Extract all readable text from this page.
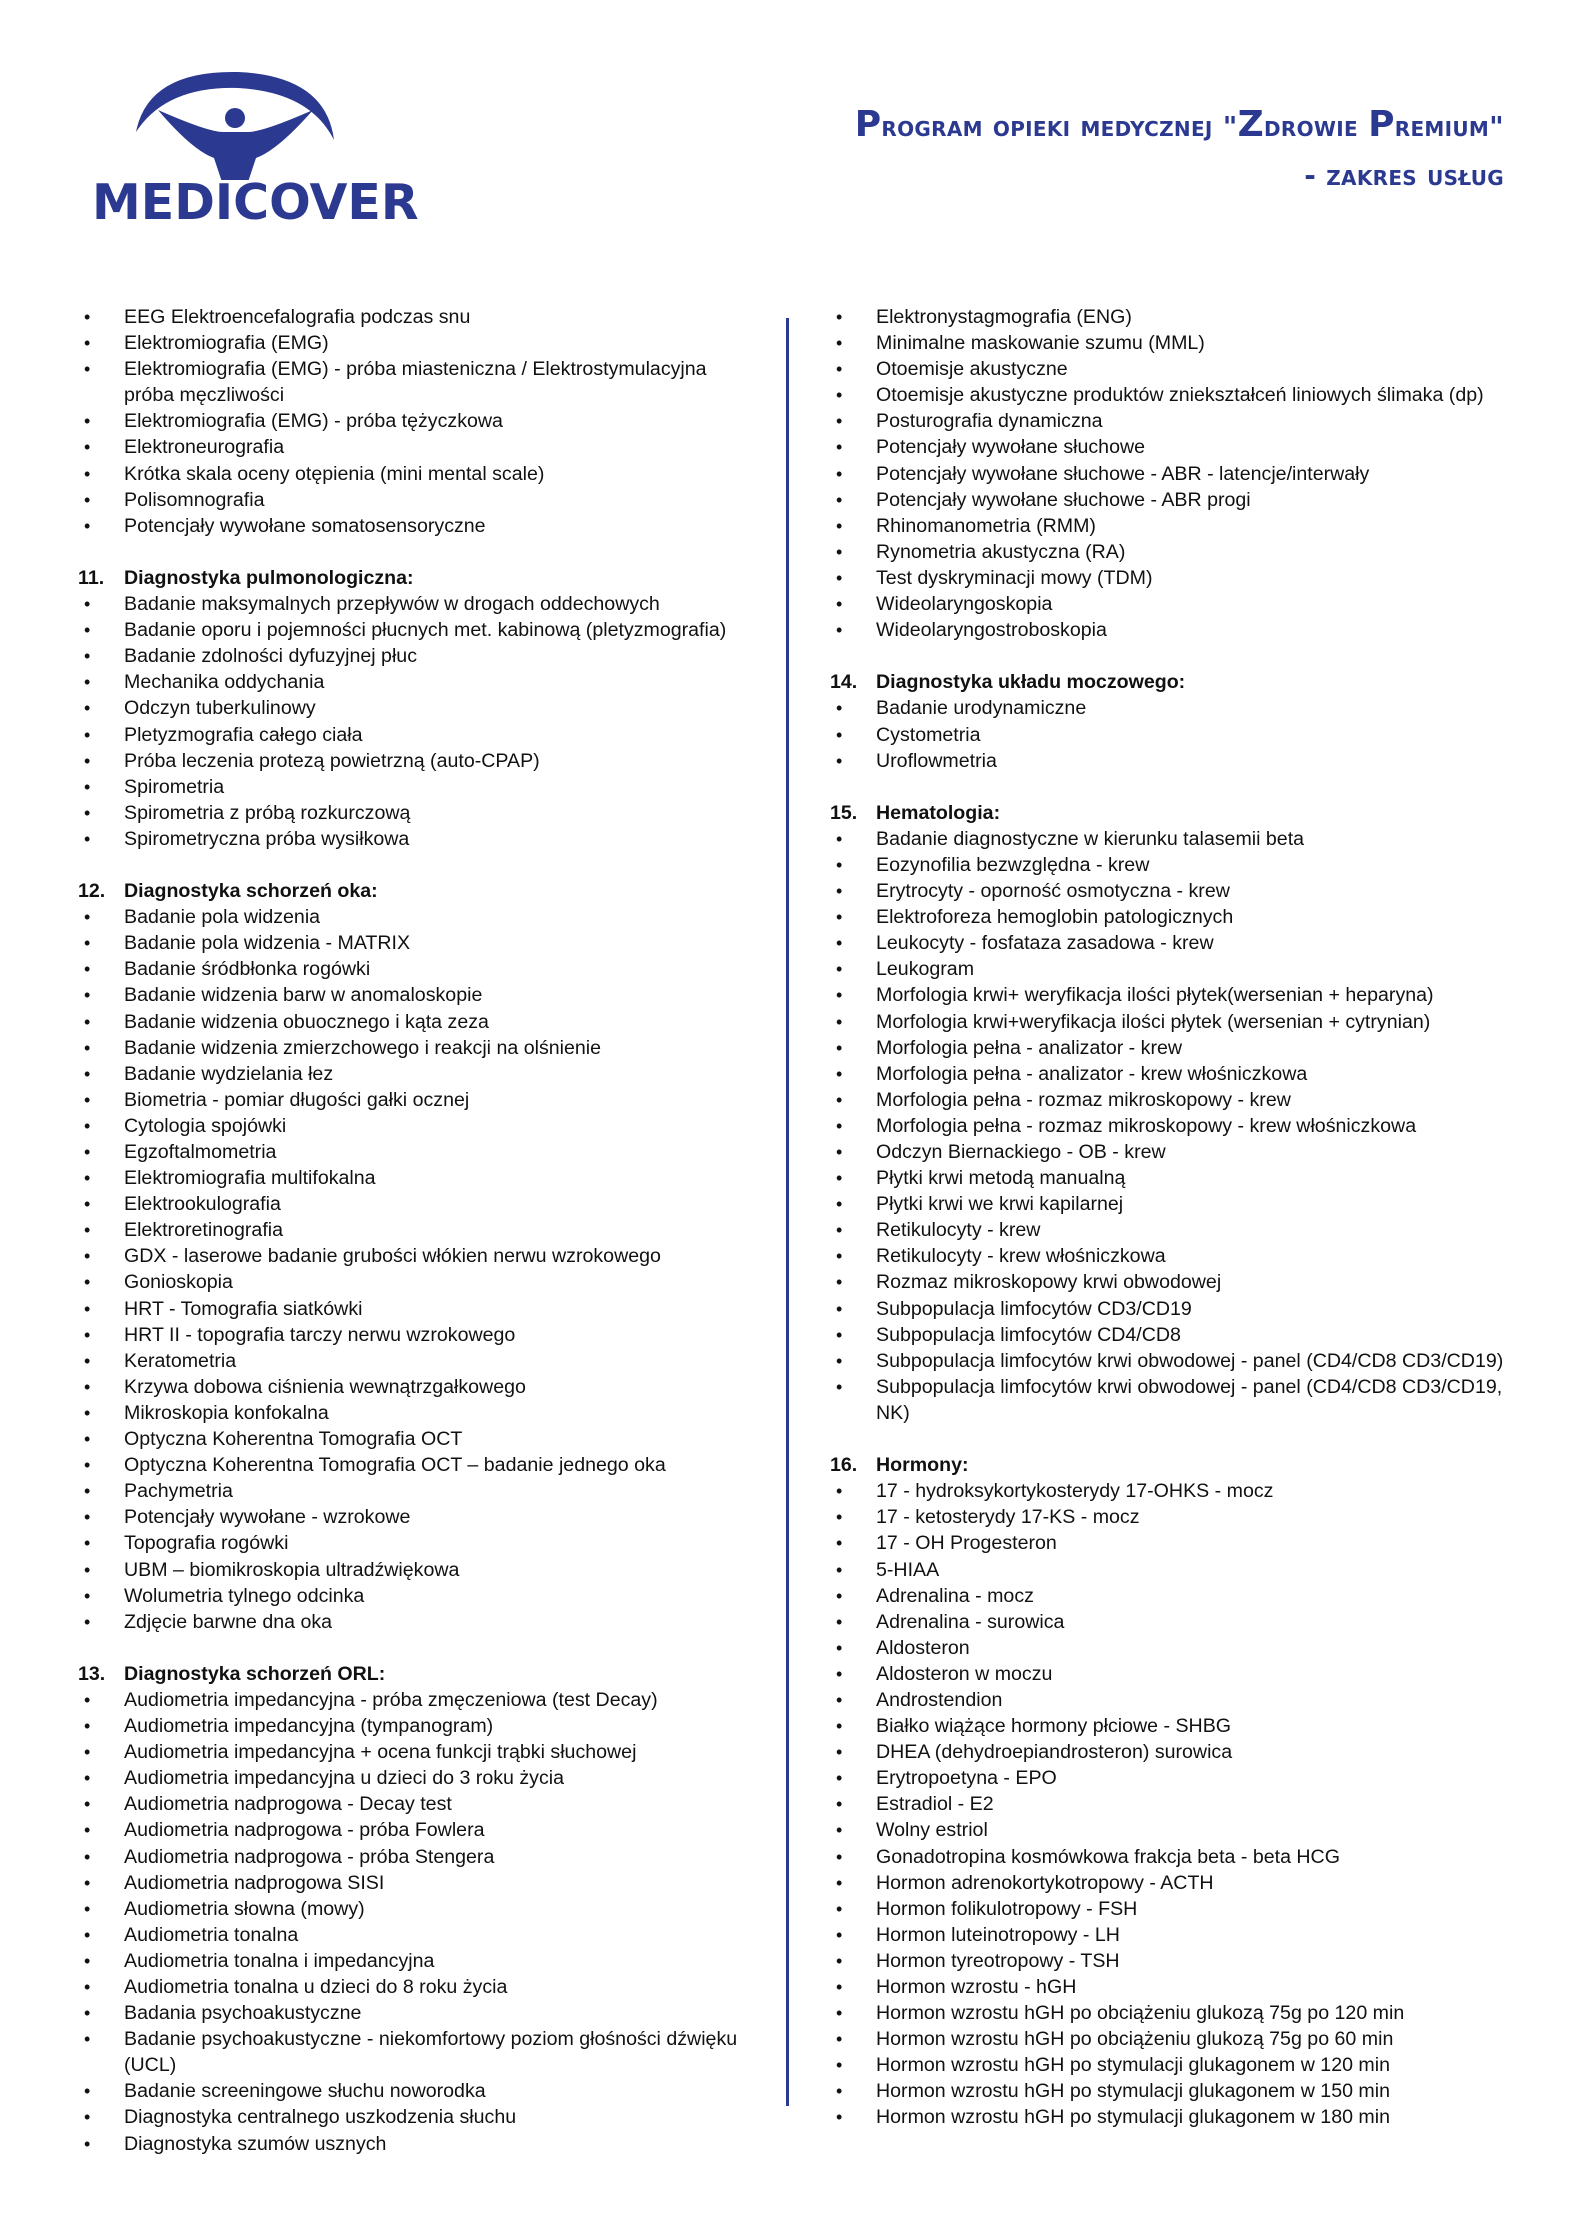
MEDICOVER
Program opieki medycznej "Zdrowie Premium"
- zakres usług
• EEG Elektroencefalografia podczas snu
• Elektromiografia (EMG)
• Elektromiografia (EMG) - próba miasteniczna / Elektrostymulacyjna próba męczliwości
• Elektromiografia (EMG) - próba tężyczkowa
• Elektroneurografia
• Krótka skala oceny otępienia (mini mental scale)
• Polisomnografia
• Potencjały wywołane somatosensoryczne
11. Diagnostyka pulmonologiczna:
• Badanie maksymalnych przepływów w drogach oddechowych
• Badanie oporu i pojemności płucnych met. kabinową (pletyzmografia)
• Badanie zdolności dyfuzyjnej płuc
• Mechanika oddychania
• Odczyn tuberkulinowy
• Pletyzmografia całego ciała
• Próba leczenia protezą powietrzną (auto-CPAP)
• Spirometria
• Spirometria z próbą rozkurczową
• Spirometryczna próba wysiłkowa
12. Diagnostyka schorzeń oka:
• Badanie pola widzenia
• Badanie pola widzenia - MATRIX
• Badanie śródbłonka rogówki
• Badanie widzenia barw w anomaloskopie
• Badanie widzenia obuocznego i kąta zeza
• Badanie widzenia zmierzchowego i reakcji na olśnienie
• Badanie wydzielania łez
• Biometria - pomiar długości gałki ocznej
• Cytologia spojówki
• Egzoftalmometria
• Elektromiografia multifokalna
• Elektrookulografia
• Elektroretinografia
• GDX - laserowe badanie grubości włókien nerwu wzrokowego
• Gonioskopia
• HRT - Tomografia siatkówki
• HRT II - topografia tarczy nerwu wzrokowego
• Keratometria
• Krzywa dobowa ciśnienia wewnątrzgałkowego
• Mikroskopia konfokalna
• Optyczna Koherentna Tomografia OCT
• Optyczna Koherentna Tomografia OCT – badanie jednego oka
• Pachymetria
• Potencjały wywołane - wzrokowe
• Topografia rogówki
• UBM – biomikroskopia ultradźwiękowa
• Wolumetria tylnego odcinka
• Zdjęcie barwne dna oka
13. Diagnostyka schorzeń ORL:
• Audiometria impedancyjna - próba zmęczeniowa (test Decay)
• Audiometria impedancyjna (tympanogram)
• Audiometria impedancyjna + ocena funkcji trąbki słuchowej
• Audiometria impedancyjna u dzieci do 3 roku życia
• Audiometria nadprogowa - Decay test
• Audiometria nadprogowa - próba Fowlera
• Audiometria nadprogowa - próba Stengera
• Audiometria nadprogowa SISI
• Audiometria słowna (mowy)
• Audiometria tonalna
• Audiometria tonalna i impedancyjna
• Audiometria tonalna u dzieci do 8 roku życia
• Badania psychoakustyczne
• Badanie psychoakustyczne - niekomfortowy poziom głośności dźwięku (UCL)
• Badanie screeningowe słuchu noworodka
• Diagnostyka centralnego uszkodzenia słuchu
• Diagnostyka szumów usznych
• Elektronystagmografia (ENG)
• Minimalne maskowanie szumu (MML)
• Otoemisje akustyczne
• Otoemisje akustyczne produktów zniekształceń liniowych ślimaka (dp)
• Posturografia dynamiczna
• Potencjały wywołane słuchowe
• Potencjały wywołane słuchowe - ABR - latencje/interwały
• Potencjały wywołane słuchowe - ABR progi
• Rhinomanometria (RMM)
• Rynometria akustyczna (RA)
• Test dyskryminacji mowy (TDM)
• Wideolaryngoskopia
• Wideolaryngostroboskopia
14. Diagnostyka układu moczowego:
• Badanie urodynamiczne
• Cystometria
• Uroflowmetria
15. Hematologia:
• Badanie diagnostyczne w kierunku talasemii beta
• Eozynofilia bezwzględna - krew
• Erytrocyty - oporność osmotyczna - krew
• Elektroforeza hemoglobin patologicznych
• Leukocyty - fosfataza zasadowa - krew
• Leukogram
• Morfologia krwi+ weryfikacja ilości płytek(wersenian + heparyna)
• Morfologia krwi+weryfikacja ilości płytek (wersenian + cytrynian)
• Morfologia pełna - analizator - krew
• Morfologia pełna - analizator - krew włośniczkowa
• Morfologia pełna - rozmaz mikroskopowy - krew
• Morfologia pełna - rozmaz mikroskopowy - krew włośniczkowa
• Odczyn Biernackiego - OB - krew
• Płytki krwi metodą manualną
• Płytki krwi we krwi kapilarnej
• Retikulocyty - krew
• Retikulocyty - krew włośniczkowa
• Rozmaz mikroskopowy krwi obwodowej
• Subpopulacja limfocytów CD3/CD19
• Subpopulacja limfocytów CD4/CD8
• Subpopulacja limfocytów krwi obwodowej - panel (CD4/CD8 CD3/CD19)
• Subpopulacja limfocytów krwi obwodowej - panel (CD4/CD8 CD3/CD19, NK)
16. Hormony:
• 17 - hydroksykortykosterydy 17-OHKS - mocz
• 17 - ketosterydy 17-KS - mocz
• 17 - OH Progesteron
• 5-HIAA
• Adrenalina - mocz
• Adrenalina - surowica
• Aldosteron
• Aldosteron w moczu
• Androstendion
• Białko wiążące hormony płciowe - SHBG
• DHEA (dehydroepiandrosteron) surowica
• Erytropoetyna - EPO
• Estradiol - E2
• Wolny estriol
• Gonadotropina kosmówkowa frakcja beta - beta HCG
• Hormon adrenokortykotropowy - ACTH
• Hormon folikulotropowy - FSH
• Hormon luteinotropowy - LH
• Hormon tyreotropowy - TSH
• Hormon wzrostu - hGH
• Hormon wzrostu hGH po obciążeniu glukozą 75g po 120 min
• Hormon wzrostu hGH po obciążeniu glukozą 75g po 60 min
• Hormon wzrostu hGH po stymulacji glukagonem w 120 min
• Hormon wzrostu hGH po stymulacji glukagonem w 150 min
• Hormon wzrostu hGH po stymulacji glukagonem w 180 min
